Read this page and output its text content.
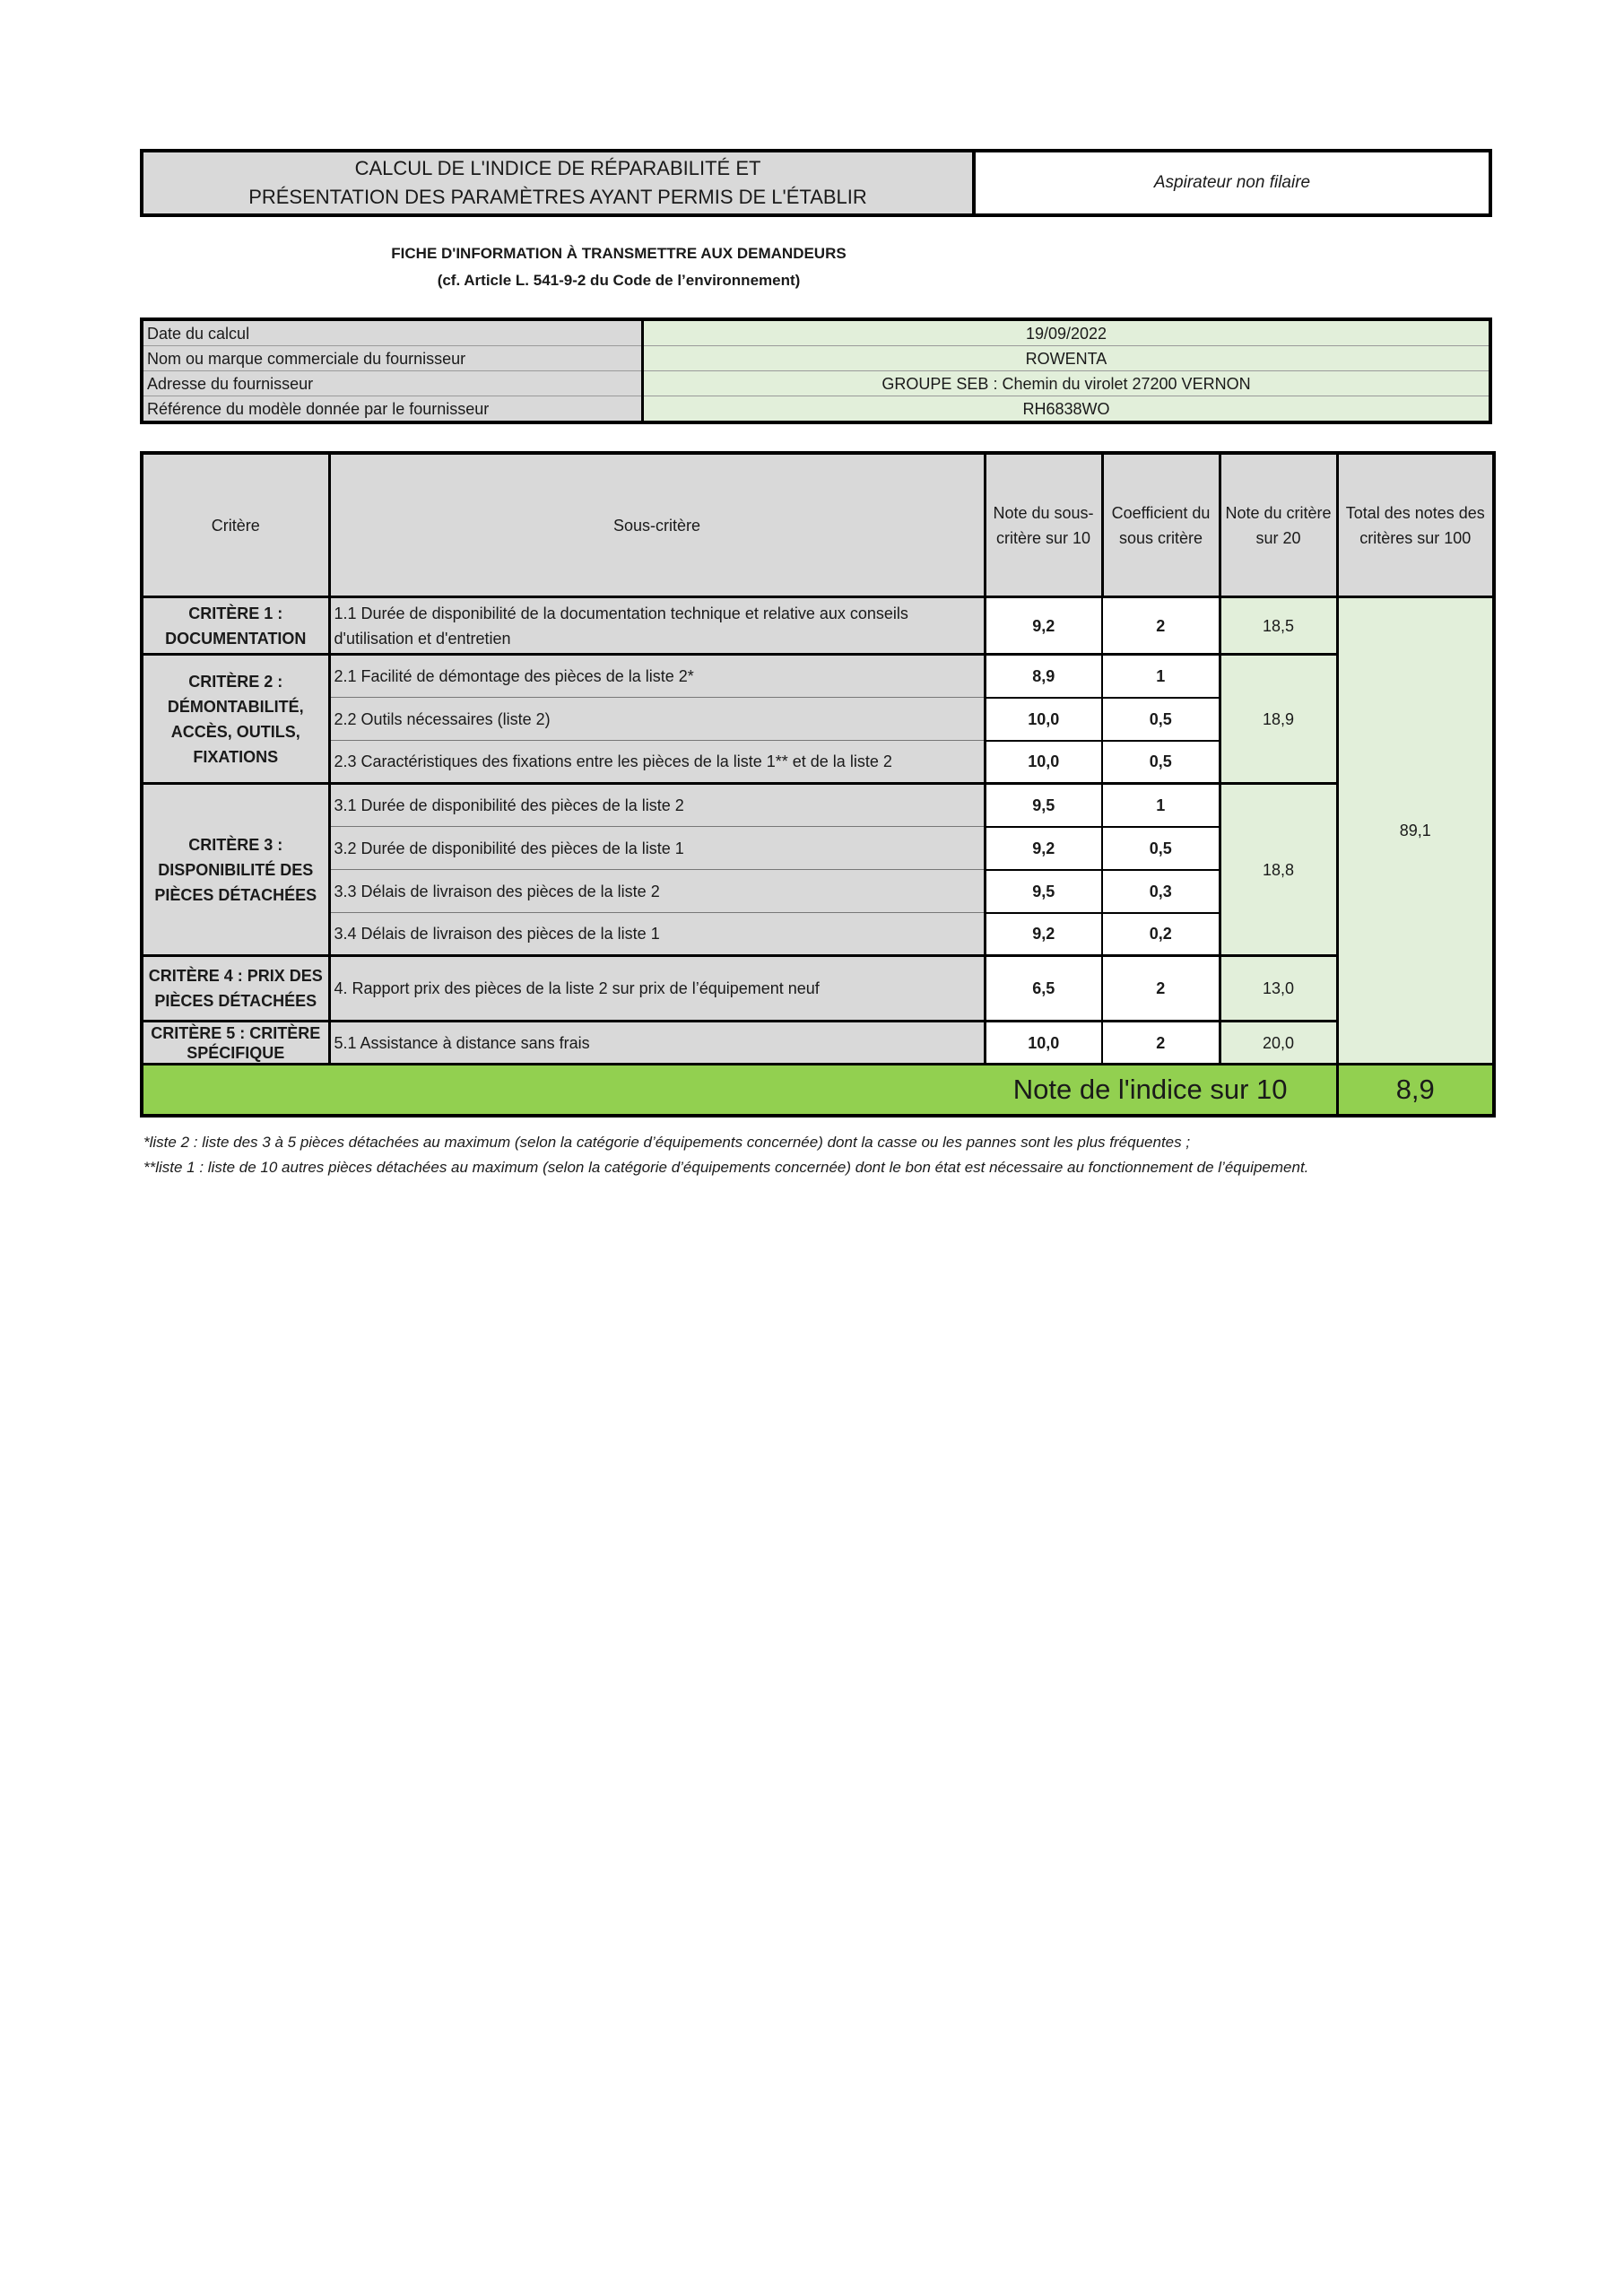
CALCUL DE L'INDICE DE RÉPARABILITÉ ET
PRÉSENTATION DES PARAMÈTRES AYANT PERMIS DE L'ÉTABLIR
Aspirateur non filaire
FICHE D'INFORMATION À TRANSMETTRE AUX DEMANDEURS
(cf. Article L. 541-9-2 du Code de l’environnement)
Date du calcul	19/09/2022
Nom ou marque commerciale du fournisseur	ROWENTA
Adresse du fournisseur	GROUPE SEB : Chemin du virolet 27200 VERNON
Référence du modèle donnée par le fournisseur	RH6838WO
Critère	Sous-critère	Note du sous-critère sur 10	Coefficient du sous critère	Note du critère sur 20	Total des notes des critères sur 100
CRITÈRE 1 : DOCUMENTATION	1.1 Durée de disponibilité de la documentation technique et relative aux conseils d'utilisation et d'entretien	9,2	2	18,5	89,1
CRITÈRE 2 : DÉMONTABILITÉ, ACCÈS, OUTILS, FIXATIONS	2.1 Facilité de démontage des pièces de la liste 2*	8,9	1	18,9	
	2.2 Outils nécessaires (liste 2)	10,0	0,5		
	2.3 Caractéristiques des fixations entre les pièces de la liste 1** et de la liste 2	10,0	0,5		
CRITÈRE 3 : DISPONIBILITÉ DES PIÈCES DÉTACHÉES	3.1 Durée de disponibilité des pièces de la liste 2	9,5	1	18,8	
	3.2 Durée de disponibilité des pièces de la liste 1	9,2	0,5		
	3.3 Délais de livraison des pièces de la liste 2	9,5	0,3		
	3.4 Délais de livraison des pièces de la liste 1	9,2	0,2		
CRITÈRE 4 : PRIX DES PIÈCES DÉTACHÉES	4. Rapport prix des pièces de la liste 2 sur prix de l’équipement neuf	6,5	2	13,0	
CRITÈRE 5 : CRITÈRE SPÉCIFIQUE	5.1 Assistance à distance sans frais	10,0	2	20,0	
Note de l'indice sur 10					8,9
*liste 2 : liste des 3 à 5 pièces détachées au maximum (selon la catégorie d’équipements concernée) dont la casse ou les pannes sont les plus fréquentes ;
**liste 1 : liste de 10 autres pièces détachées au maximum (selon la catégorie d’équipements concernée) dont le bon état est nécessaire au fonctionnement de l’équipement.
